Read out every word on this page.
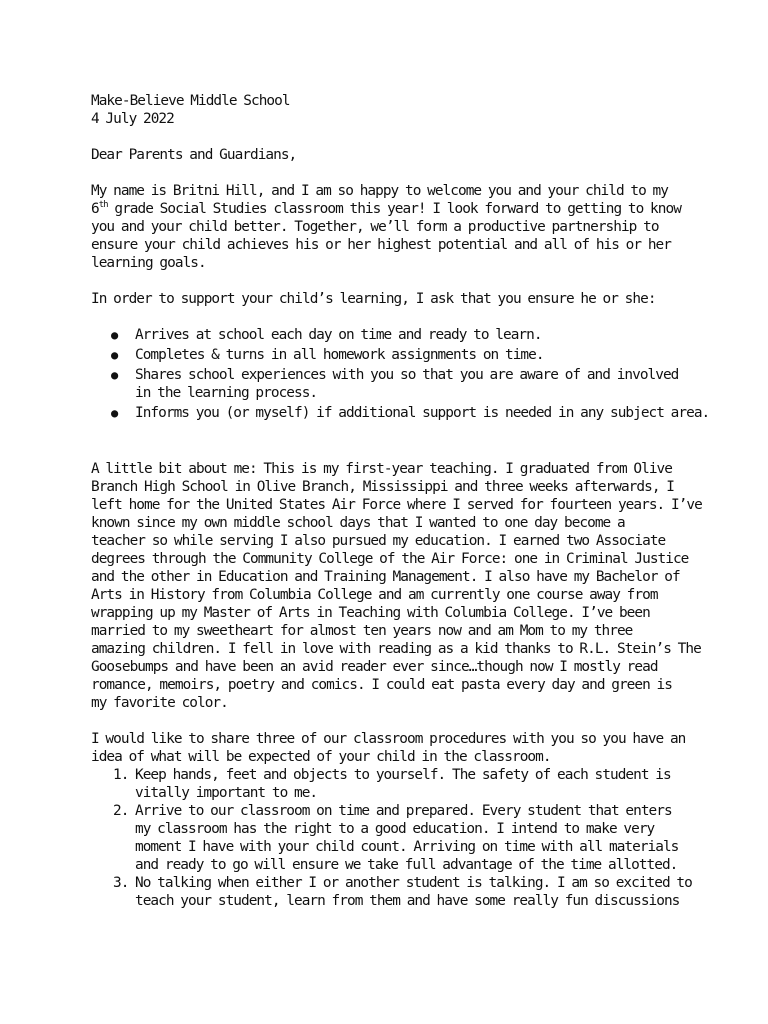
Make-Believe Middle School
4 July 2022
Dear Parents and Guardians,
My name is Britni Hill, and I am so happy to welcome you and your child to my
6th grade Social Studies classroom this year! I look forward to getting to know
you and your child better. Together, we’ll form a productive partnership to
ensure your child achieves his or her highest potential and all of his or her
learning goals.
In order to support your child’s learning, I ask that you ensure he or she:
● Arrives at school each day on time and ready to learn.
● Completes & turns in all homework assignments on time.
● Shares school experiences with you so that you are aware of and involved
in the learning process.
● Informs you (or myself) if additional support is needed in any subject area.
A little bit about me: This is my first-year teaching. I graduated from Olive
Branch High School in Olive Branch, Mississippi and three weeks afterwards, I
left home for the United States Air Force where I served for fourteen years. I’ve
known since my own middle school days that I wanted to one day become a
teacher so while serving I also pursued my education. I earned two Associate
degrees through the Community College of the Air Force: one in Criminal Justice
and the other in Education and Training Management. I also have my Bachelor of
Arts in History from Columbia College and am currently one course away from
wrapping up my Master of Arts in Teaching with Columbia College. I’ve been
married to my sweetheart for almost ten years now and am Mom to my three
amazing children. I fell in love with reading as a kid thanks to R.L. Stein’s The
Goosebumps and have been an avid reader ever since…though now I mostly read
romance, memoirs, poetry and comics. I could eat pasta every day and green is
my favorite color.
I would like to share three of our classroom procedures with you so you have an
idea of what will be expected of your child in the classroom.
1. Keep hands, feet and objects to yourself. The safety of each student is
vitally important to me.
2. Arrive to our classroom on time and prepared. Every student that enters
my classroom has the right to a good education. I intend to make very
moment I have with your child count. Arriving on time with all materials
and ready to go will ensure we take full advantage of the time allotted.
3. No talking when either I or another student is talking. I am so excited to
teach your student, learn from them and have some really fun discussions
